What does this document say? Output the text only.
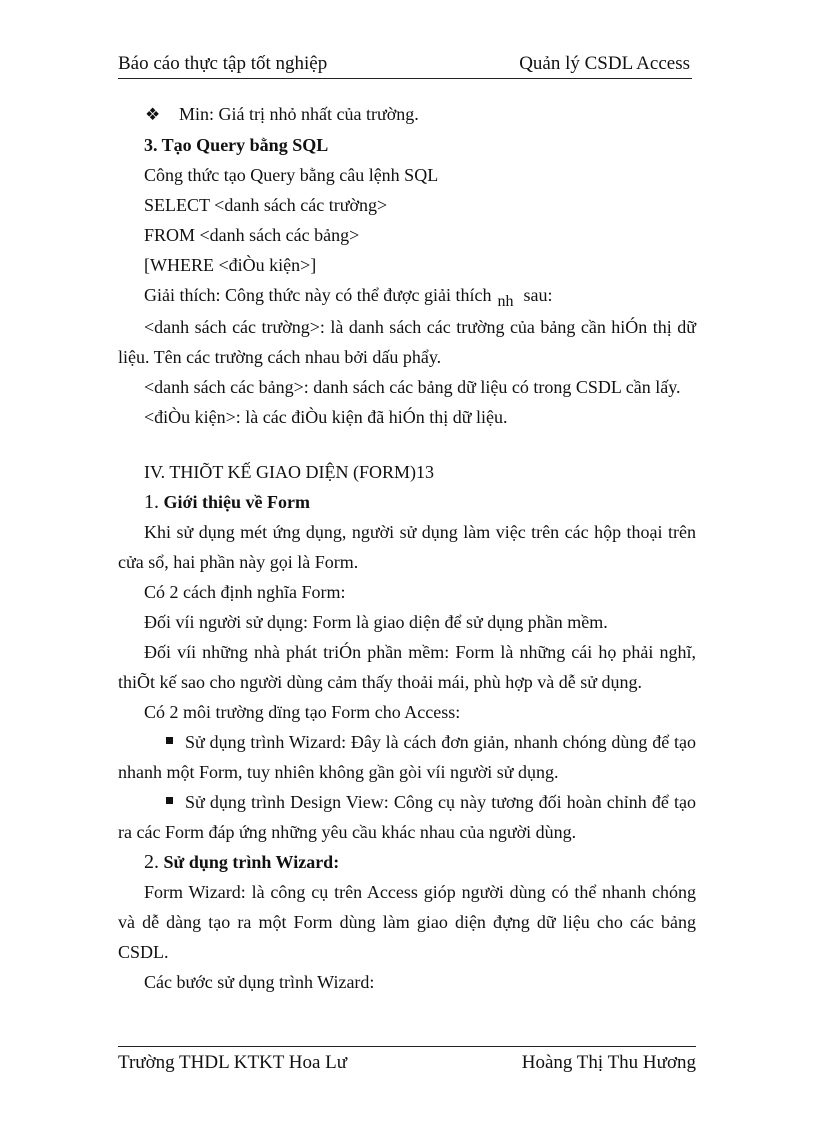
Báo cáo thực tập tốt nghiệp	Quản lý CSDL Access
❖	Min: Giá trị nhỏ nhất của trường.

3. Tạo Query bằng SQL

Công thức tạo Query bằng câu lệnh SQL

SELECT <danh sách các trường>

FROM <danh sách các bảng>

[WHERE <điÒu kiện>]

Giải thích: Công thức này có thể được giải thích nh sau:

<danh sách các trường>: là danh sách các trường của bảng cần hiÓn thị dữ liệu. Tên các trường cách nhau bởi dấu phẩy.

<danh sách các bảng>: danh sách các bảng dữ liệu có trong CSDL cần lấy.

<điÒu kiện>: là các điÒu kiện đã hiÓn thị dữ liệu.

IV. THIÕT KẾ GIAO DIỆN (FORM)13

1. Giới thiệu về Form

Khi sử dụng mét ứng dụng, người sử dụng làm việc trên các hộp thoại trên cửa sổ, hai phần này gọi là Form.

Có 2 cách định nghĩa Form:

Đối víi người sử dụng: Form là giao diện để sử dụng phần mềm.

Đối víi những nhà phát triÓn phần mềm: Form là những cái họ phải nghĩ, thiÕt kế sao cho người dùng cảm thấy thoải mái, phù hợp và dễ sử dụng.

Có 2 môi trường dïng tạo Form cho Access:

Sử dụng trình Wizard: Đây là cách đơn giản, nhanh chóng dùng để tạo nhanh một Form, tuy nhiên không gần gòi víi người sử dụng.

Sử dụng trình Design View: Công cụ này tương đối hoàn chỉnh để tạo ra các Form đáp ứng những yêu cầu khác nhau của người dùng.

2. Sử dụng trình Wizard:

Form Wizard: là công cụ trên Access gióp người dùng có thể nhanh chóng và dễ dàng tạo ra một Form dùng làm giao diện đựng dữ liệu cho các bảng CSDL.

Các bước sử dụng trình Wizard:

Trường THDL KTKT Hoa Lư	Hoàng Thị Thu Hương
